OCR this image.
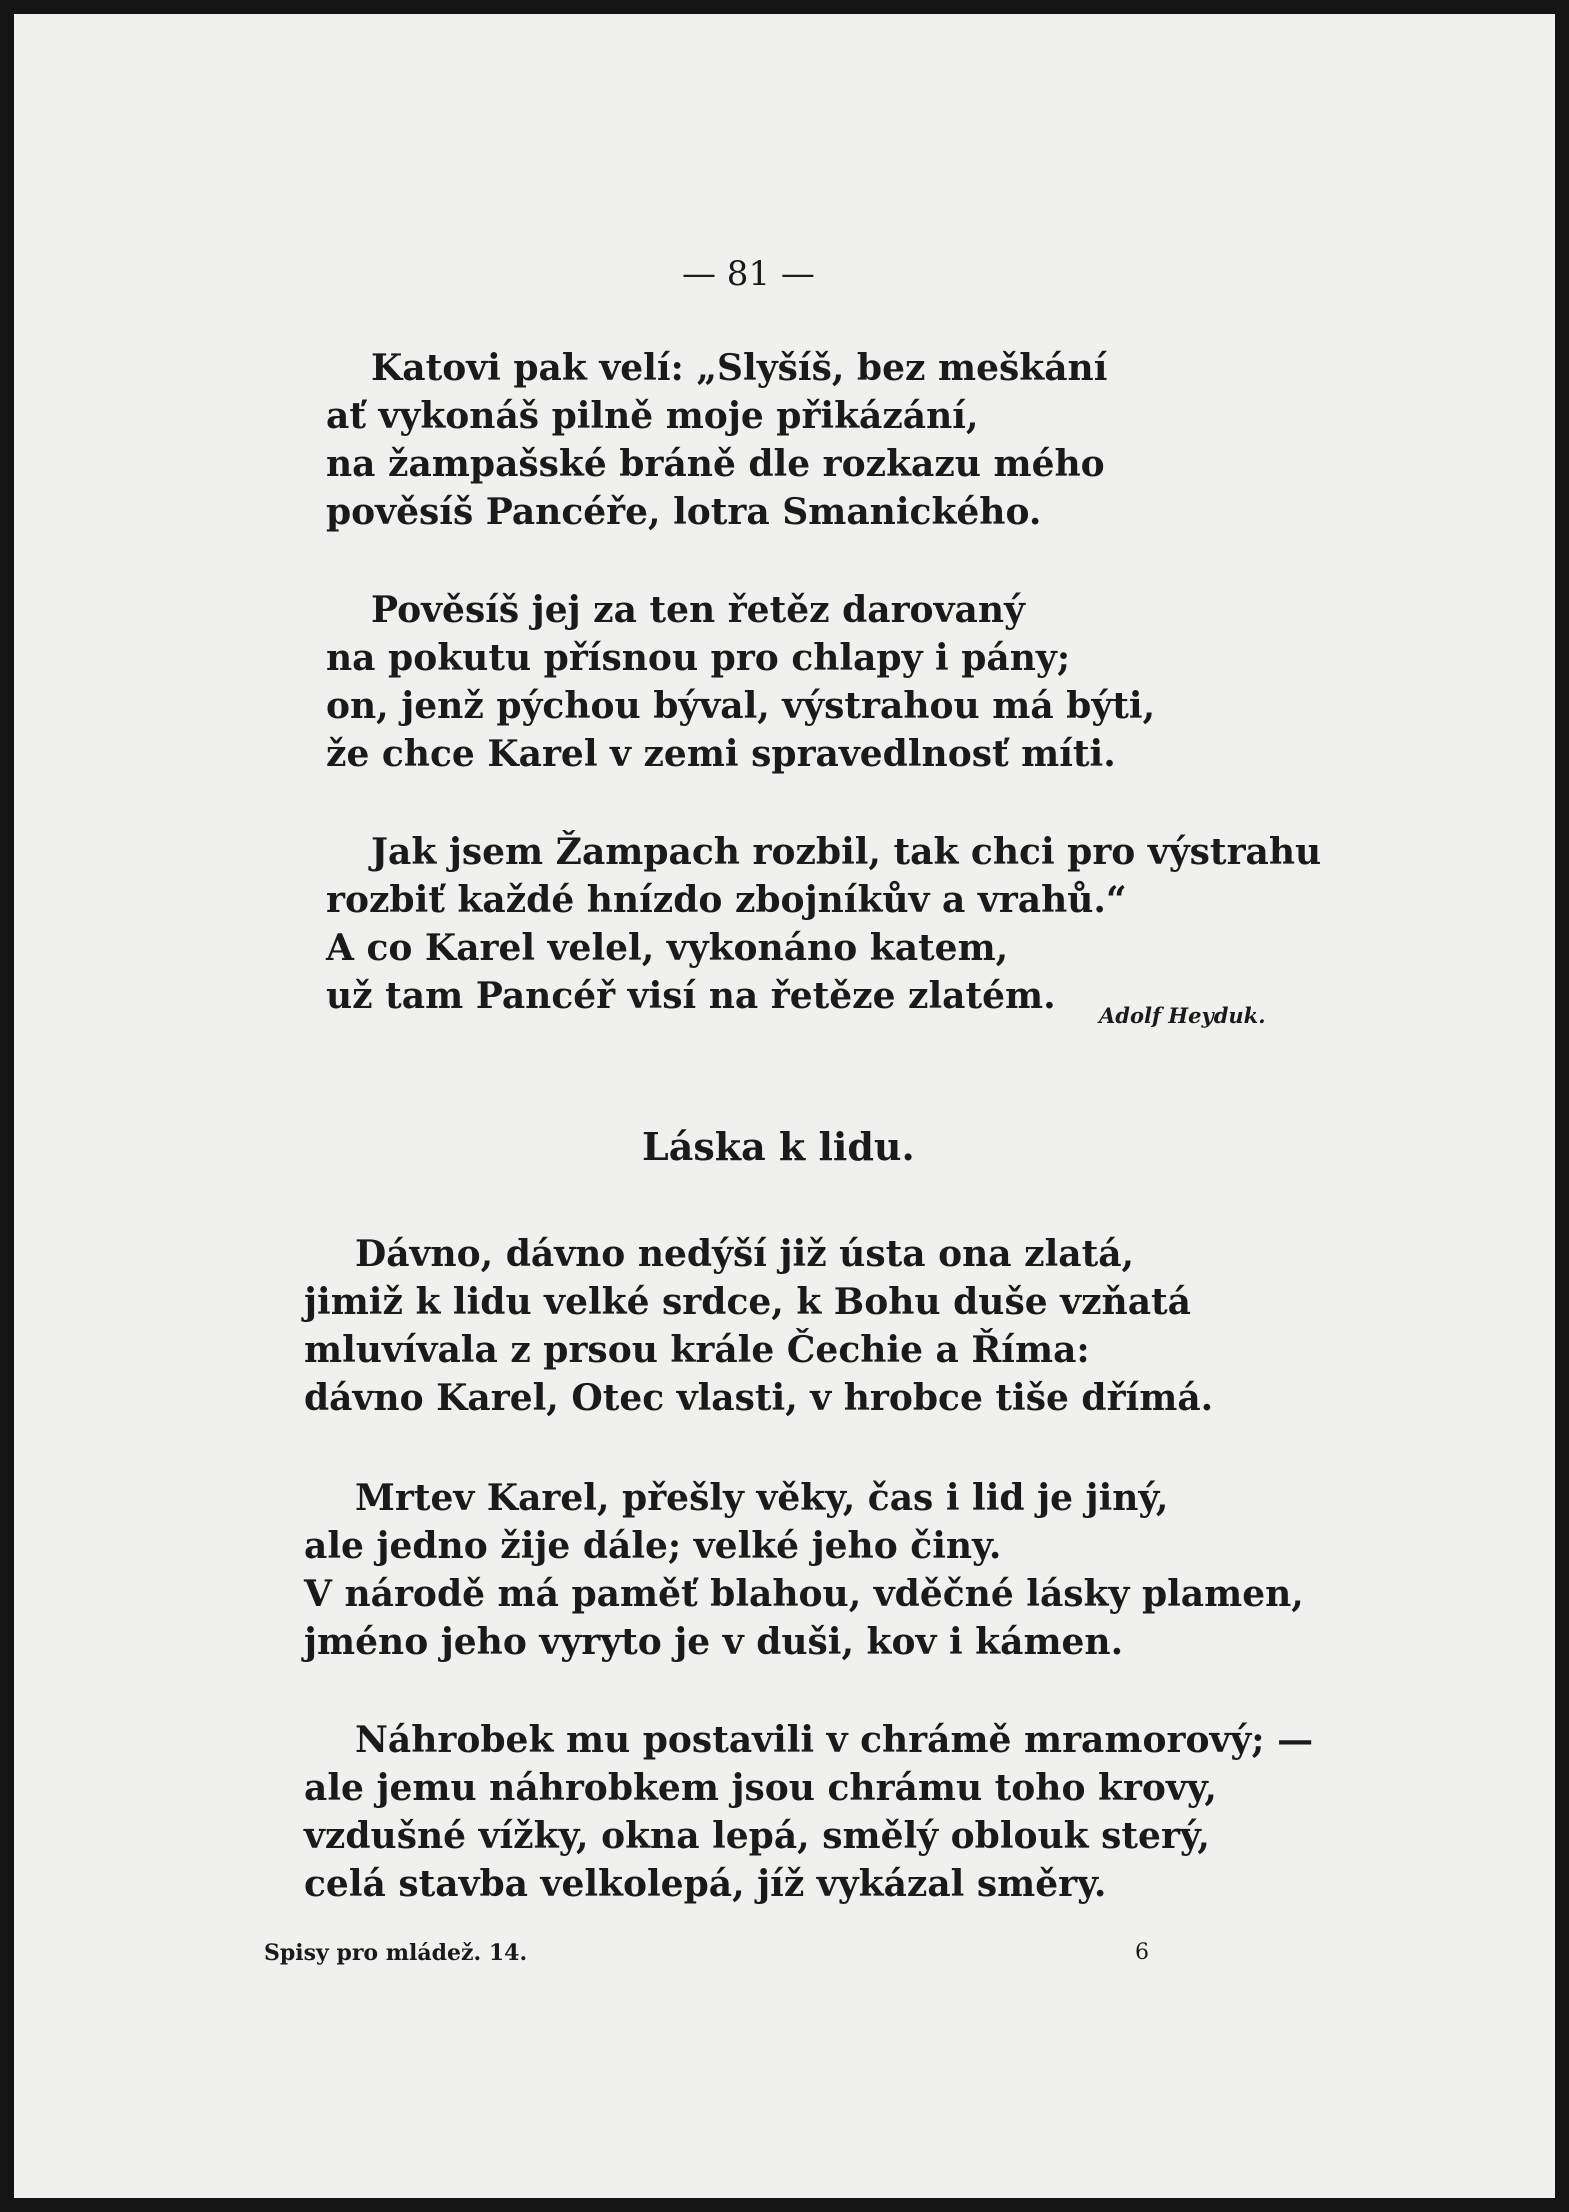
— 81 —
Katovi pak velí: „Slyšíš, bez meškání
ať vykonáš pilně moje přikázání,
na žampašské bráně dle rozkazu mého
pověsíš Pancéře, lotra Smanického.
Pověsíš jej za ten řetěz darovaný
na pokutu přísnou pro chlapy i pány;
on, jenž pýchou býval, výstrahou má býti,
že chce Karel v zemi spravedlnosť míti.
Jak jsem Žampach rozbil, tak chci pro výstrahu
rozbiť každé hnízdo zbojníkův a vrahů.“
A co Karel velel, vykonáno katem,
už tam Pancéř visí na řetěze zlatém. Adolf Heyduk.
Láska k lidu.
Dávno, dávno nedýší již ústa ona zlatá,
jimiž k lidu velké srdce, k Bohu duše vzňatá
mluvívala z prsou krále Čechie a Říma:
dávno Karel, Otec vlasti, v hrobce tiše dřímá.
Mrtev Karel, přešly věky, čas i lid je jiný,
ale jedno žije dále; velké jeho činy.
V národě má paměť blahou, vděčné lásky plamen,
jméno jeho vyryto je v duši, kov i kámen.
Náhrobek mu postavili v chrámě mramorový; —
ale jemu náhrobkem jsou chrámu toho krovy,
vzdušné vížky, okna lepá, smělý oblouk sterý,
celá stavba velkolepá, jíž vykázal směry.
Spisy pro mládež. 14.	6
